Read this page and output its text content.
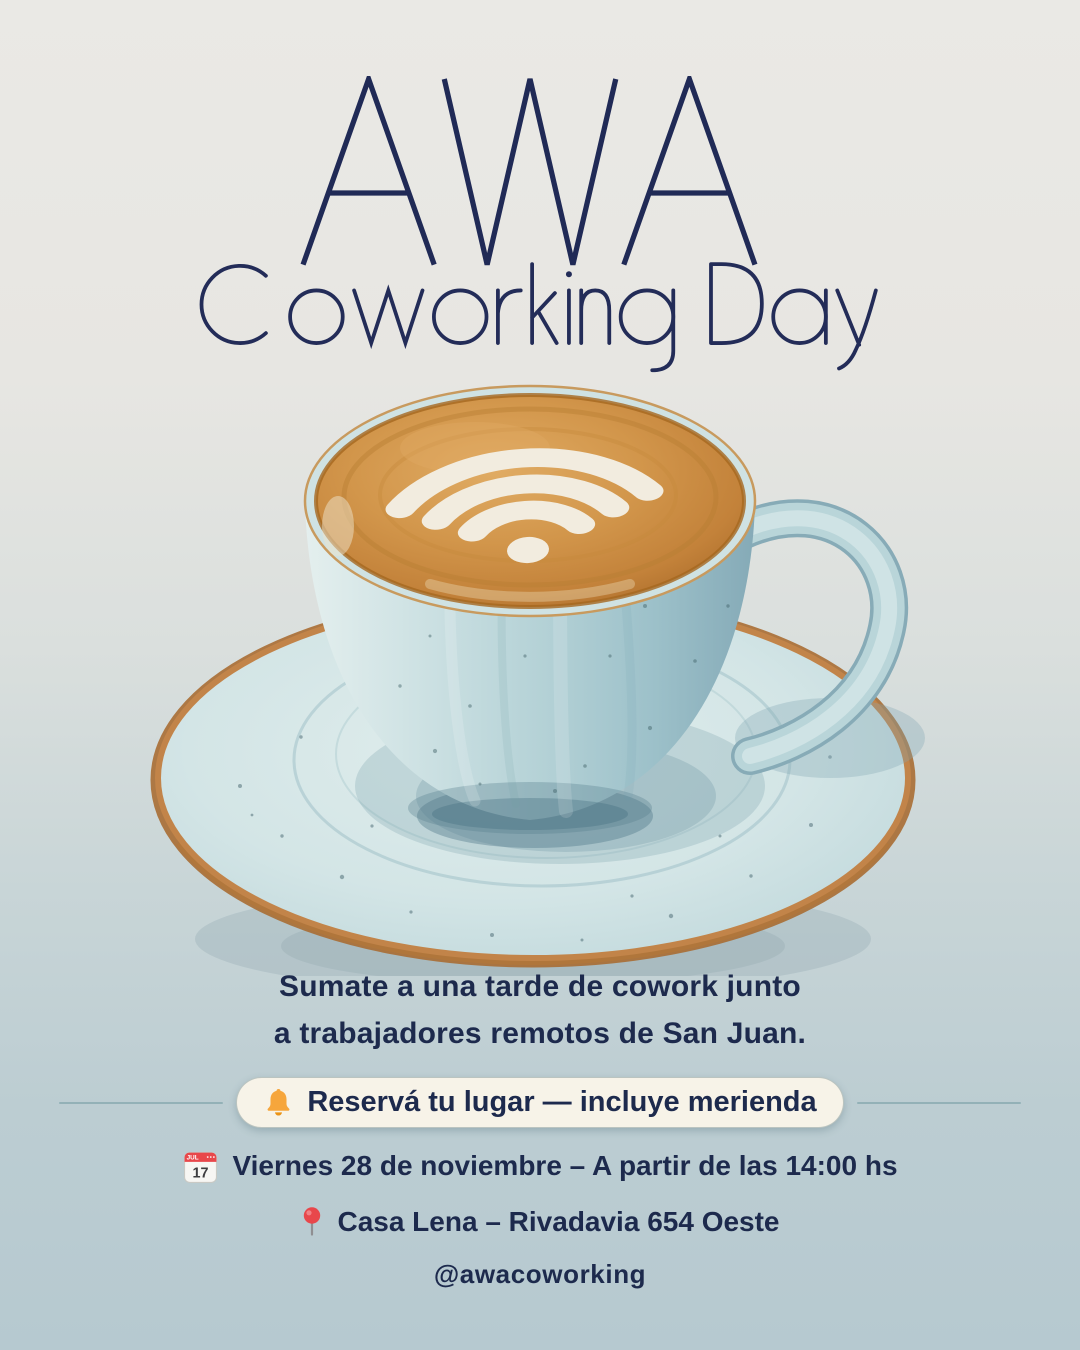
Sumate a una tarde de cowork junto
a trabajadores remotos de San Juan.
Reservá tu lugar — incluye merienda
JUL
17 Viernes 28 de noviembre – A partir de las 14:00 hs
Casa Lena – Rivadavia 654 Oeste
@awacoworking
